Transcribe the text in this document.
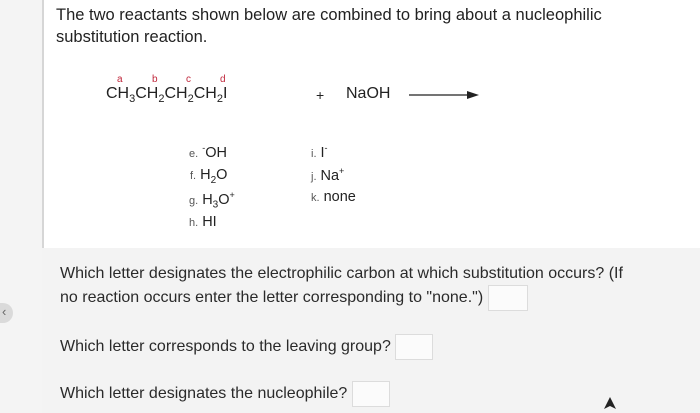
‹
The two reactants shown below are combined to bring about a nucleophilic substitution reaction.
a	b	c	d
$CH_3CH_2CH_2CH_2I$	+ NaOH
e. -OH
f. $H_2O$
g. $H_3O^+$
h. HI
i. I-
j. Na+
k. none
Which letter designates the electrophilic carbon at which substitution occurs? (If
no reaction occurs enter the letter corresponding to "none.")
Which letter corresponds to the leaving group?
Which letter designates the nucleophile?
